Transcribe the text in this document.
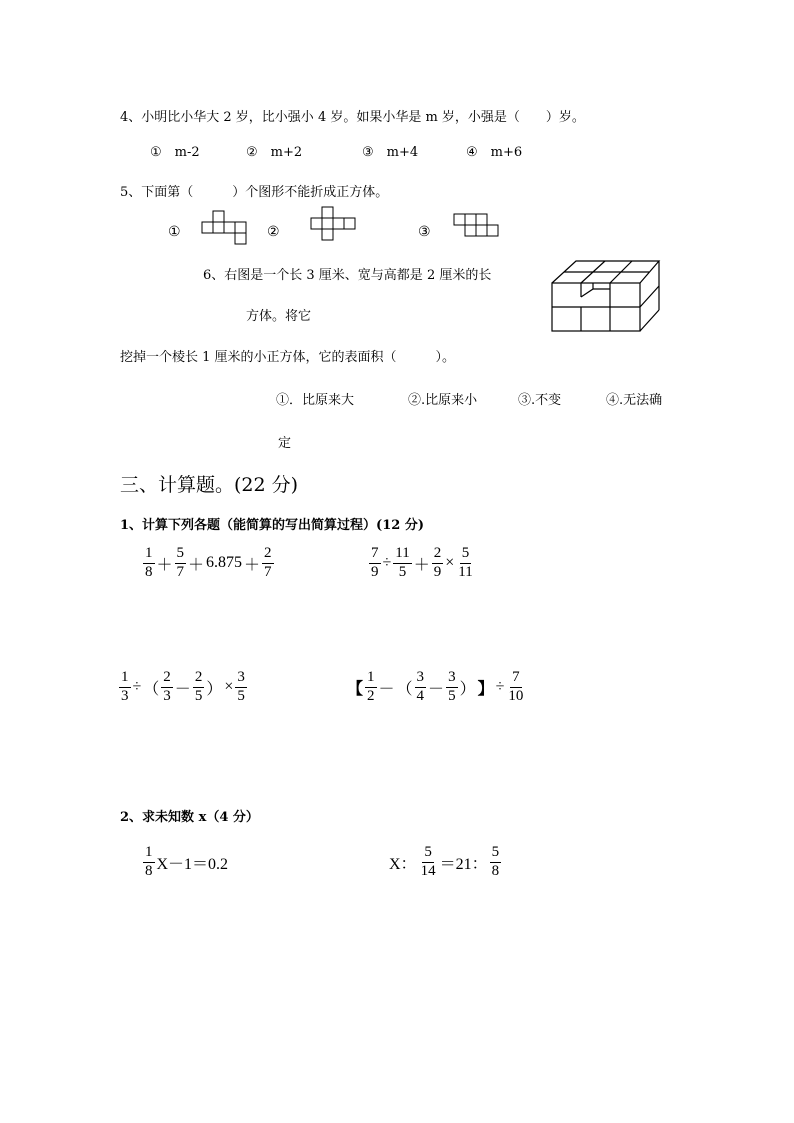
4、小明比小华大 2 岁，比小强小 4 岁。如果小华是 m 岁，小强是（　　）岁。
①　m-2	②　m+2	③　m+4	④　m+6
5、下面第（　　　）个图形不能折成正方体。
①	②	③
6、右图是一个长 3 厘米、宽与高都是 2 厘米的长
方体。将它
挖掉一个棱长 1 厘米的小正方体，它的表面积（　　　）。
①．比原来大	②.比原来小	③.不变	④.无法确
定
三、计算题。(22 分)
1、计算下列各题（能简算的写出简算过程）(12 分)
$\frac{1}{8} + \frac{5}{7} + 6.875 + \frac{2}{7}$	$\frac{7}{9} \div \frac{11}{5} + \frac{2}{9} \times \frac{5}{11}$
$\frac{1}{3}$ ÷ （ $\frac{2}{3} - \frac{2}{5}$ ） × $\frac{3}{5}$	【 $\frac{1}{2}$ － （ $\frac{3}{4} - \frac{3}{5}$ ） 】 ÷ $\frac{7}{10}$
2、求未知数 x（4 分）
$\frac{1}{8} X-1=0.2$	X： $\frac{5}{14} =21$： $\frac{5}{8}$
